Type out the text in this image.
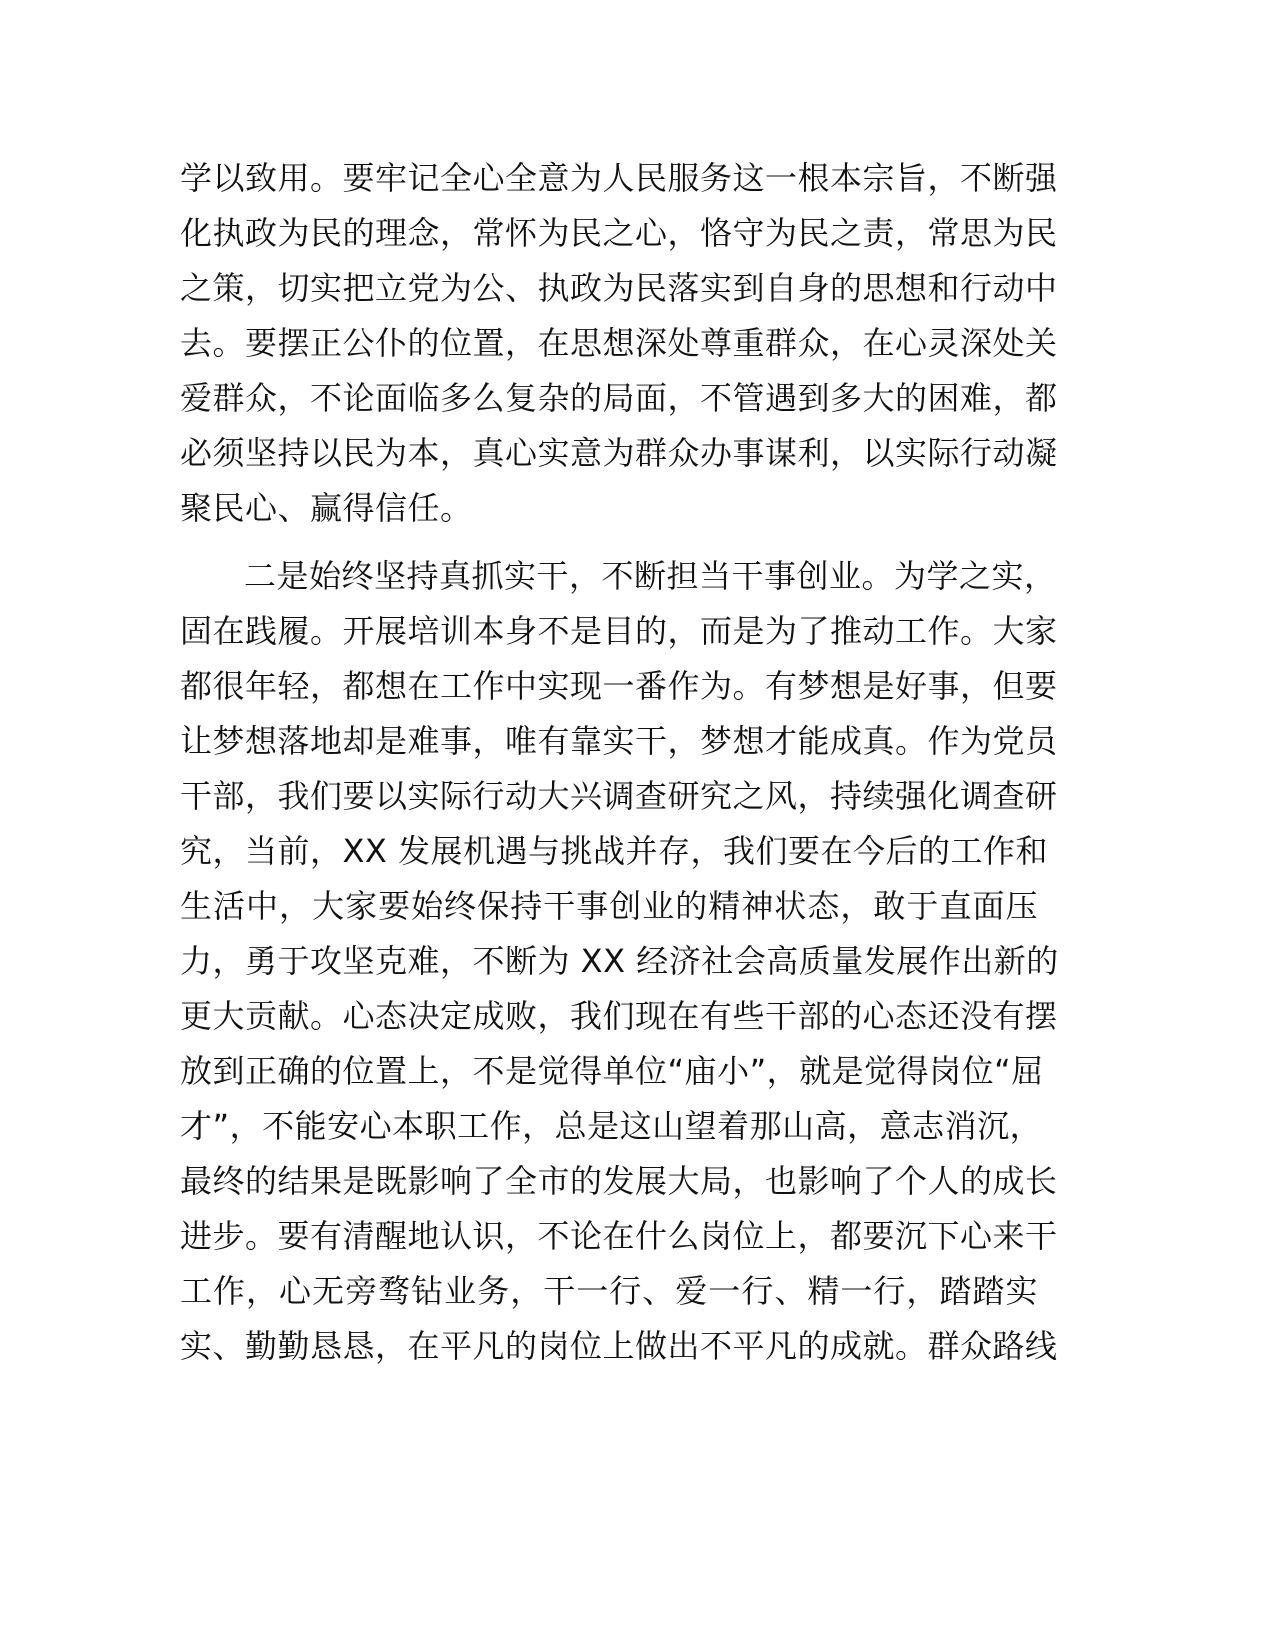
学以致用。要牢记全心全意为人民服务这一根本宗旨，不断强
化执政为民的理念，常怀为民之心，恪守为民之责，常思为民
之策，切实把立党为公、执政为民落实到自身的思想和行动中
去。要摆正公仆的位置，在思想深处尊重群众，在心灵深处关
爱群众，不论面临多么复杂的局面，不管遇到多大的困难，都
必须坚持以民为本，真心实意为群众办事谋利，以实际行动凝
聚民心、赢得信任。
二是始终坚持真抓实干，不断担当干事创业。为学之实，
固在践履。开展培训本身不是目的，而是为了推动工作。大家
都很年轻，都想在工作中实现一番作为。有梦想是好事，但要
让梦想落地却是难事，唯有靠实干，梦想才能成真。作为党员
干部，我们要以实际行动大兴调查研究之风，持续强化调查研
究，当前，XX 发展机遇与挑战并存，我们要在今后的工作和
生活中，大家要始终保持干事创业的精神状态，敢于直面压
力，勇于攻坚克难，不断为 XX 经济社会高质量发展作出新的
更大贡献。心态决定成败，我们现在有些干部的心态还没有摆
放到正确的位置上，不是觉得单位“庙小”，就是觉得岗位“屈
才”，不能安心本职工作，总是这山望着那山高，意志消沉，
最终的结果是既影响了全市的发展大局，也影响了个人的成长
进步。要有清醒地认识，不论在什么岗位上，都要沉下心来干
工作，心无旁骛钻业务，干一行、爱一行、精一行，踏踏实
实、勤勤恳恳，在平凡的岗位上做出不平凡的成就。群众路线
